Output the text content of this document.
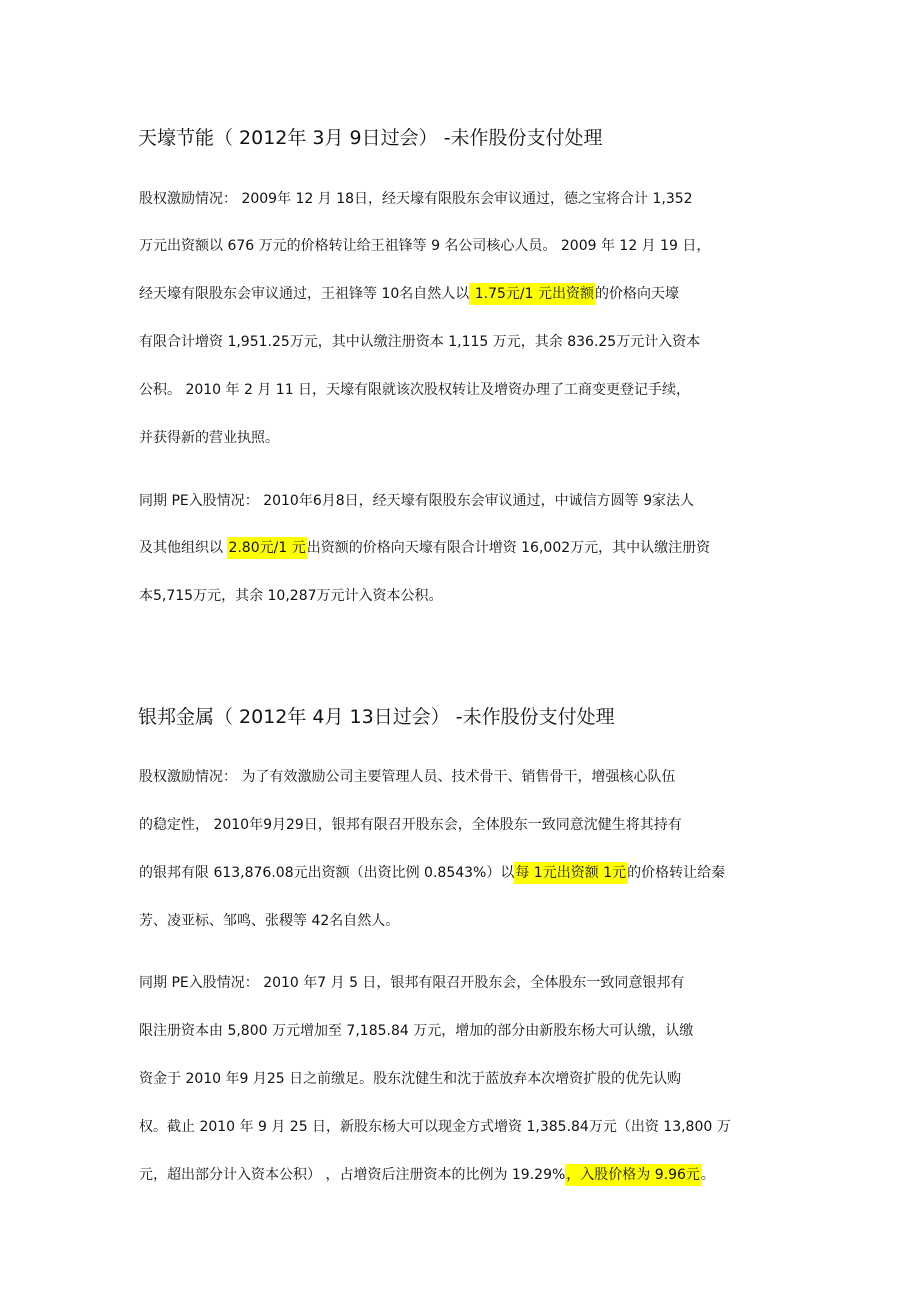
天壕节能（ 2012年 3月 9日过会） -未作股份支付处理
股权激励情况： 2009年 12 月 18日，经天壕有限股东会审议通过，德之宝将合计 1,352
万元出资额以 676 万元的价格转让给王祖锋等 9 名公司核心人员。 2009 年 12 月 19 日，
经天壕有限股东会审议通过，王祖锋等 10名自然人以 1.75元/1 元出资额的价格向天壕
有限合计增资 1,951.25万元，其中认缴注册资本 1,115 万元，其余 836.25万元计入资本
公积。 2010 年 2 月 11 日，天壕有限就该次股权转让及增资办理了工商变更登记手续，
并获得新的营业执照。
同期 PE入股情况： 2010年6月8日，经天壕有限股东会审议通过，中诚信方圆等 9家法人
及其他组织以 2.80元/1 元出资额的价格向天壕有限合计增资 16,002万元，其中认缴注册资
本5,715万元，其余 10,287万元计入资本公积。
银邦金属（ 2012年 4月 13日过会） -未作股份支付处理
股权激励情况： 为了有效激励公司主要管理人员、技术骨干、销售骨干，增强核心队伍
的稳定性， 2010年9月29日，银邦有限召开股东会，全体股东一致同意沈健生将其持有
的银邦有限 613,876.08元出资额（出资比例 0.8543%）以每 1元出资额 1元的价格转让给秦
芳、凌亚标、邹鸣、张稷等 42名自然人。
同期 PE入股情况： 2010 年7 月 5 日，银邦有限召开股东会，全体股东一致同意银邦有
限注册资本由 5,800 万元增加至 7,185.84 万元，增加的部分由新股东杨大可认缴，认缴
资金于 2010 年9 月25 日之前缴足。股东沈健生和沈于蓝放弃本次增资扩股的优先认购
权。截止 2010 年 9 月 25 日，新股东杨大可以现金方式增资 1,385.84万元（出资 13,800 万
元，超出部分计入资本公积） ，占增资后注册资本的比例为 19.29%，入股价格为 9.96元。
